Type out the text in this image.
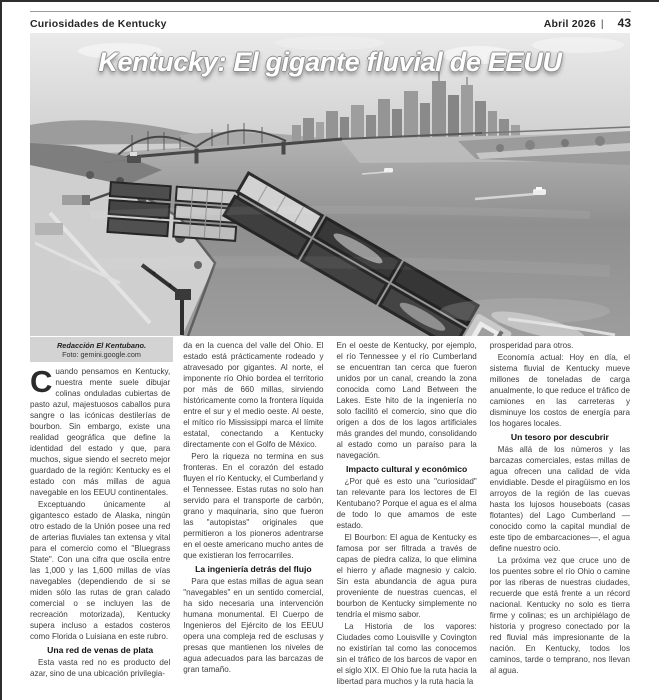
Curiosidades de Kentucky	Abril 2026 | 43
Kentucky: El gigante fluvial de EEUU
Redacción El Kentubano.
Foto: gemini.google.com

Cuando pensamos en Kentucky, nuestra mente suele dibujar colinas onduladas cubiertas de pasto azul, majestuosos caballos pura sangre o las icónicas destilerías de bourbon. Sin embargo, existe una realidad geográfica que define la identidad del estado y que, para muchos, sigue siendo el secreto mejor guardado de la región: Kentucky es el estado con más millas de agua navegable en los EEUU continentales.

Exceptuando únicamente al gigantesco estado de Alaska, ningún otro estado de la Unión posee una red de arterias fluviales tan extensa y vital para el comercio como el "Bluegrass State". Con una cifra que oscila entre las 1,000 y las 1,600 millas de vías navegables (dependiendo de si se miden sólo las rutas de gran calado comercial o se incluyen las de recreación motorizada), Kentucky supera incluso a estados costeros como Florida o Luisiana en este rubro.

Una red de venas de plata

Esta vasta red no es producto del azar, sino de una ubicación privilegia-

da en la cuenca del valle del Ohio. El estado está prácticamente rodeado y atravesado por gigantes. Al norte, el imponente río Ohio bordea el territorio por más de 660 millas, sirviendo históricamente como la frontera líquida entre el sur y el medio oeste. Al oeste, el mítico río Mississippi marca el límite estatal, conectando a Kentucky directamente con el Golfo de México.

Pero la riqueza no termina en sus fronteras. En el corazón del estado fluyen el río Kentucky, el Cumberland y el Tennessee. Estas rutas no solo han servido para el transporte de carbón, grano y maquinaria, sino que fueron las "autopistas" originales que permitieron a los pioneros adentrarse en el oeste americano mucho antes de que existieran los ferrocarriles.

La ingeniería detrás del flujo

Para que estas millas de agua sean "navegables" en un sentido comercial, ha sido necesaria una intervención humana monumental. El Cuerpo de Ingenieros del Ejército de los EEUU opera una compleja red de esclusas y presas que mantienen los niveles de agua adecuados para las barcazas de gran tamaño.

En el oeste de Kentucky, por ejemplo, el río Tennessee y el río Cumberland se encuentran tan cerca que fueron unidos por un canal, creando la zona conocida como Land Between the Lakes. Este hito de la ingeniería no solo facilitó el comercio, sino que dio origen a dos de los lagos artificiales más grandes del mundo, consolidando al estado como un paraíso para la navegación.

Impacto cultural y económico

¿Por qué es esto una "curiosidad" tan relevante para los lectores de El Kentubano? Porque el agua es el alma de todo lo que amamos de este estado.

El Bourbon: El agua de Kentucky es famosa por ser filtrada a través de capas de piedra caliza, lo que elimina el hierro y añade magnesio y calcio. Sin esta abundancia de agua pura proveniente de nuestras cuencas, el bourbon de Kentucky simplemente no tendría el mismo sabor.

La Historia de los vapores: Ciudades como Louisville y Covington no existirían tal como las conocemos sin el tráfico de los barcos de vapor en el siglo XIX. El Ohio fue la ruta hacia la libertad para muchos y la ruta hacia la

prosperidad para otros.

Economía actual: Hoy en día, el sistema fluvial de Kentucky mueve millones de toneladas de carga anualmente, lo que reduce el tráfico de camiones en las carreteras y disminuye los costos de energía para los hogares locales.

Un tesoro por descubrir

Más allá de los números y las barcazas comerciales, estas millas de agua ofrecen una calidad de vida envidiable. Desde el piragüismo en los arroyos de la región de las cuevas hasta los lujosos houseboats (casas flotantes) del Lago Cumberland — conocido como la capital mundial de este tipo de embarcaciones—, el agua define nuestro ocio.

La próxima vez que cruce uno de los puentes sobre el río Ohio o camine por las riberas de nuestras ciudades, recuerde que está frente a un récord nacional. Kentucky no solo es tierra firme y colinas; es un archipiélago de historia y progreso conectado por la red fluvial más impresionante de la nación. En Kentucky, todos los caminos, tarde o temprano, nos llevan al agua.
